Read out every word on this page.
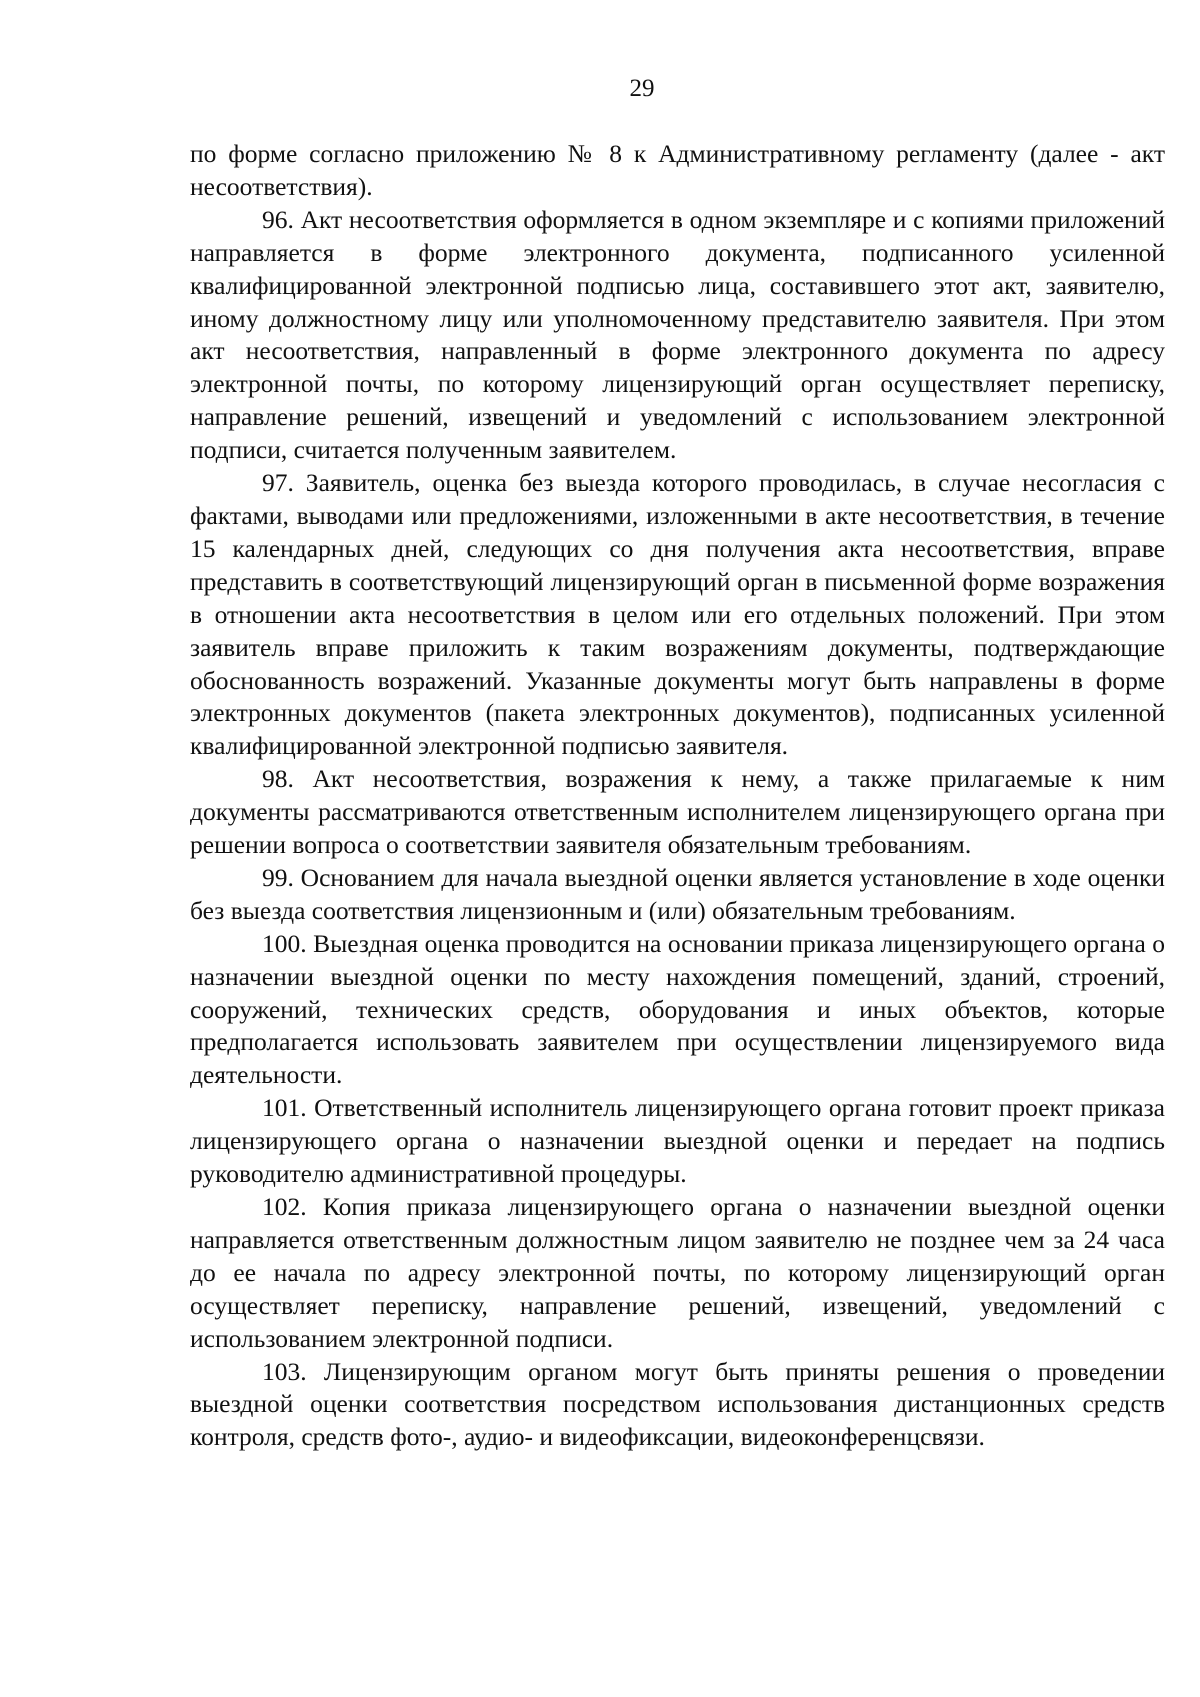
29

по форме согласно приложению № 8 к Административному регламенту (далее - акт несоответствия).

96. Акт несоответствия оформляется в одном экземпляре и с копиями приложений направляется в форме электронного документа, подписанного усиленной квалифицированной электронной подписью лица, составившего этот акт, заявителю, иному должностному лицу или уполномоченному представителю заявителя. При этом акт несоответствия, направленный в форме электронного документа по адресу электронной почты, по которому лицензирующий орган осуществляет переписку, направление решений, извещений и уведомлений с использованием электронной подписи, считается полученным заявителем.

97. Заявитель, оценка без выезда которого проводилась, в случае несогласия с фактами, выводами или предложениями, изложенными в акте несоответствия, в течение 15 календарных дней, следующих со дня получения акта несоответствия, вправе представить в соответствующий лицензирующий орган в письменной форме возражения в отношении акта несоответствия в целом или его отдельных положений. При этом заявитель вправе приложить к таким возражениям документы, подтверждающие обоснованность возражений. Указанные документы могут быть направлены в форме электронных документов (пакета электронных документов), подписанных усиленной квалифицированной электронной подписью заявителя.

98. Акт несоответствия, возражения к нему, а также прилагаемые к ним документы рассматриваются ответственным исполнителем лицензирующего органа при решении вопроса о соответствии заявителя обязательным требованиям.

99. Основанием для начала выездной оценки является установление в ходе оценки без выезда соответствия лицензионным и (или) обязательным требованиям.

100. Выездная оценка проводится на основании приказа лицензирующего органа о назначении выездной оценки по месту нахождения помещений, зданий, строений, сооружений, технических средств, оборудования и иных объектов, которые предполагается использовать заявителем при осуществлении лицензируемого вида деятельности.

101. Ответственный исполнитель лицензирующего органа готовит проект приказа лицензирующего органа о назначении выездной оценки и передает на подпись руководителю административной процедуры.

102. Копия приказа лицензирующего органа о назначении выездной оценки направляется ответственным должностным лицом заявителю не позднее чем за 24 часа до ее начала по адресу электронной почты, по которому лицензирующий орган осуществляет переписку, направление решений, извещений, уведомлений с использованием электронной подписи.

103. Лицензирующим органом могут быть приняты решения о проведении выездной оценки соответствия посредством использования дистанционных средств контроля, средств фото-, аудио- и видеофиксации, видеоконференцсвязи.
